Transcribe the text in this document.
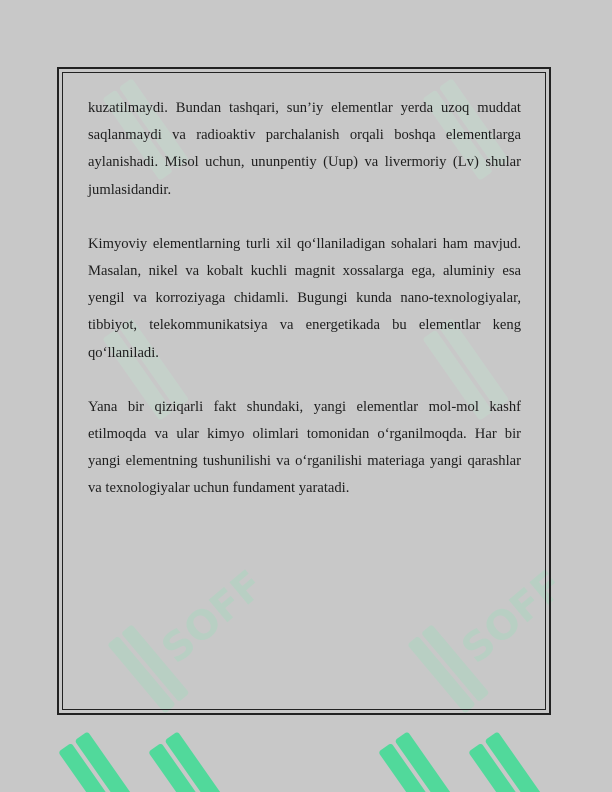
SOFF	SOFF

kuzatilmaydi. Bundan tashqari, sun’iy elementlar yerda uzoq muddat saqlanmaydi va radioaktiv parchalanish orqali boshqa elementlarga aylanishadi. Misol uchun, ununpentiy (Uup) va livermoriy (Lv) shular jumlasidandir.

Kimyoviy elementlarning turli xil qo‘llaniladigan sohalari ham mavjud. Masalan, nikel va kobalt kuchli magnit xossalarga ega, aluminiy esa yengil va korroziyaga chidamli. Bugungi kunda nano-texnologiyalar, tibbiyot, telekommunikatsiya va energetikada bu elementlar keng qo‘llaniladi.

Yana bir qiziqarli fakt shundaki, yangi elementlar mol-mol kashf etilmoqda va ular kimyo olimlari tomonidan o‘rganilmoqda. Har bir yangi elementning tushunilishi va o‘rganilishi materiaga yangi qarashlar va texnologiyalar uchun fundament yaratadi.
